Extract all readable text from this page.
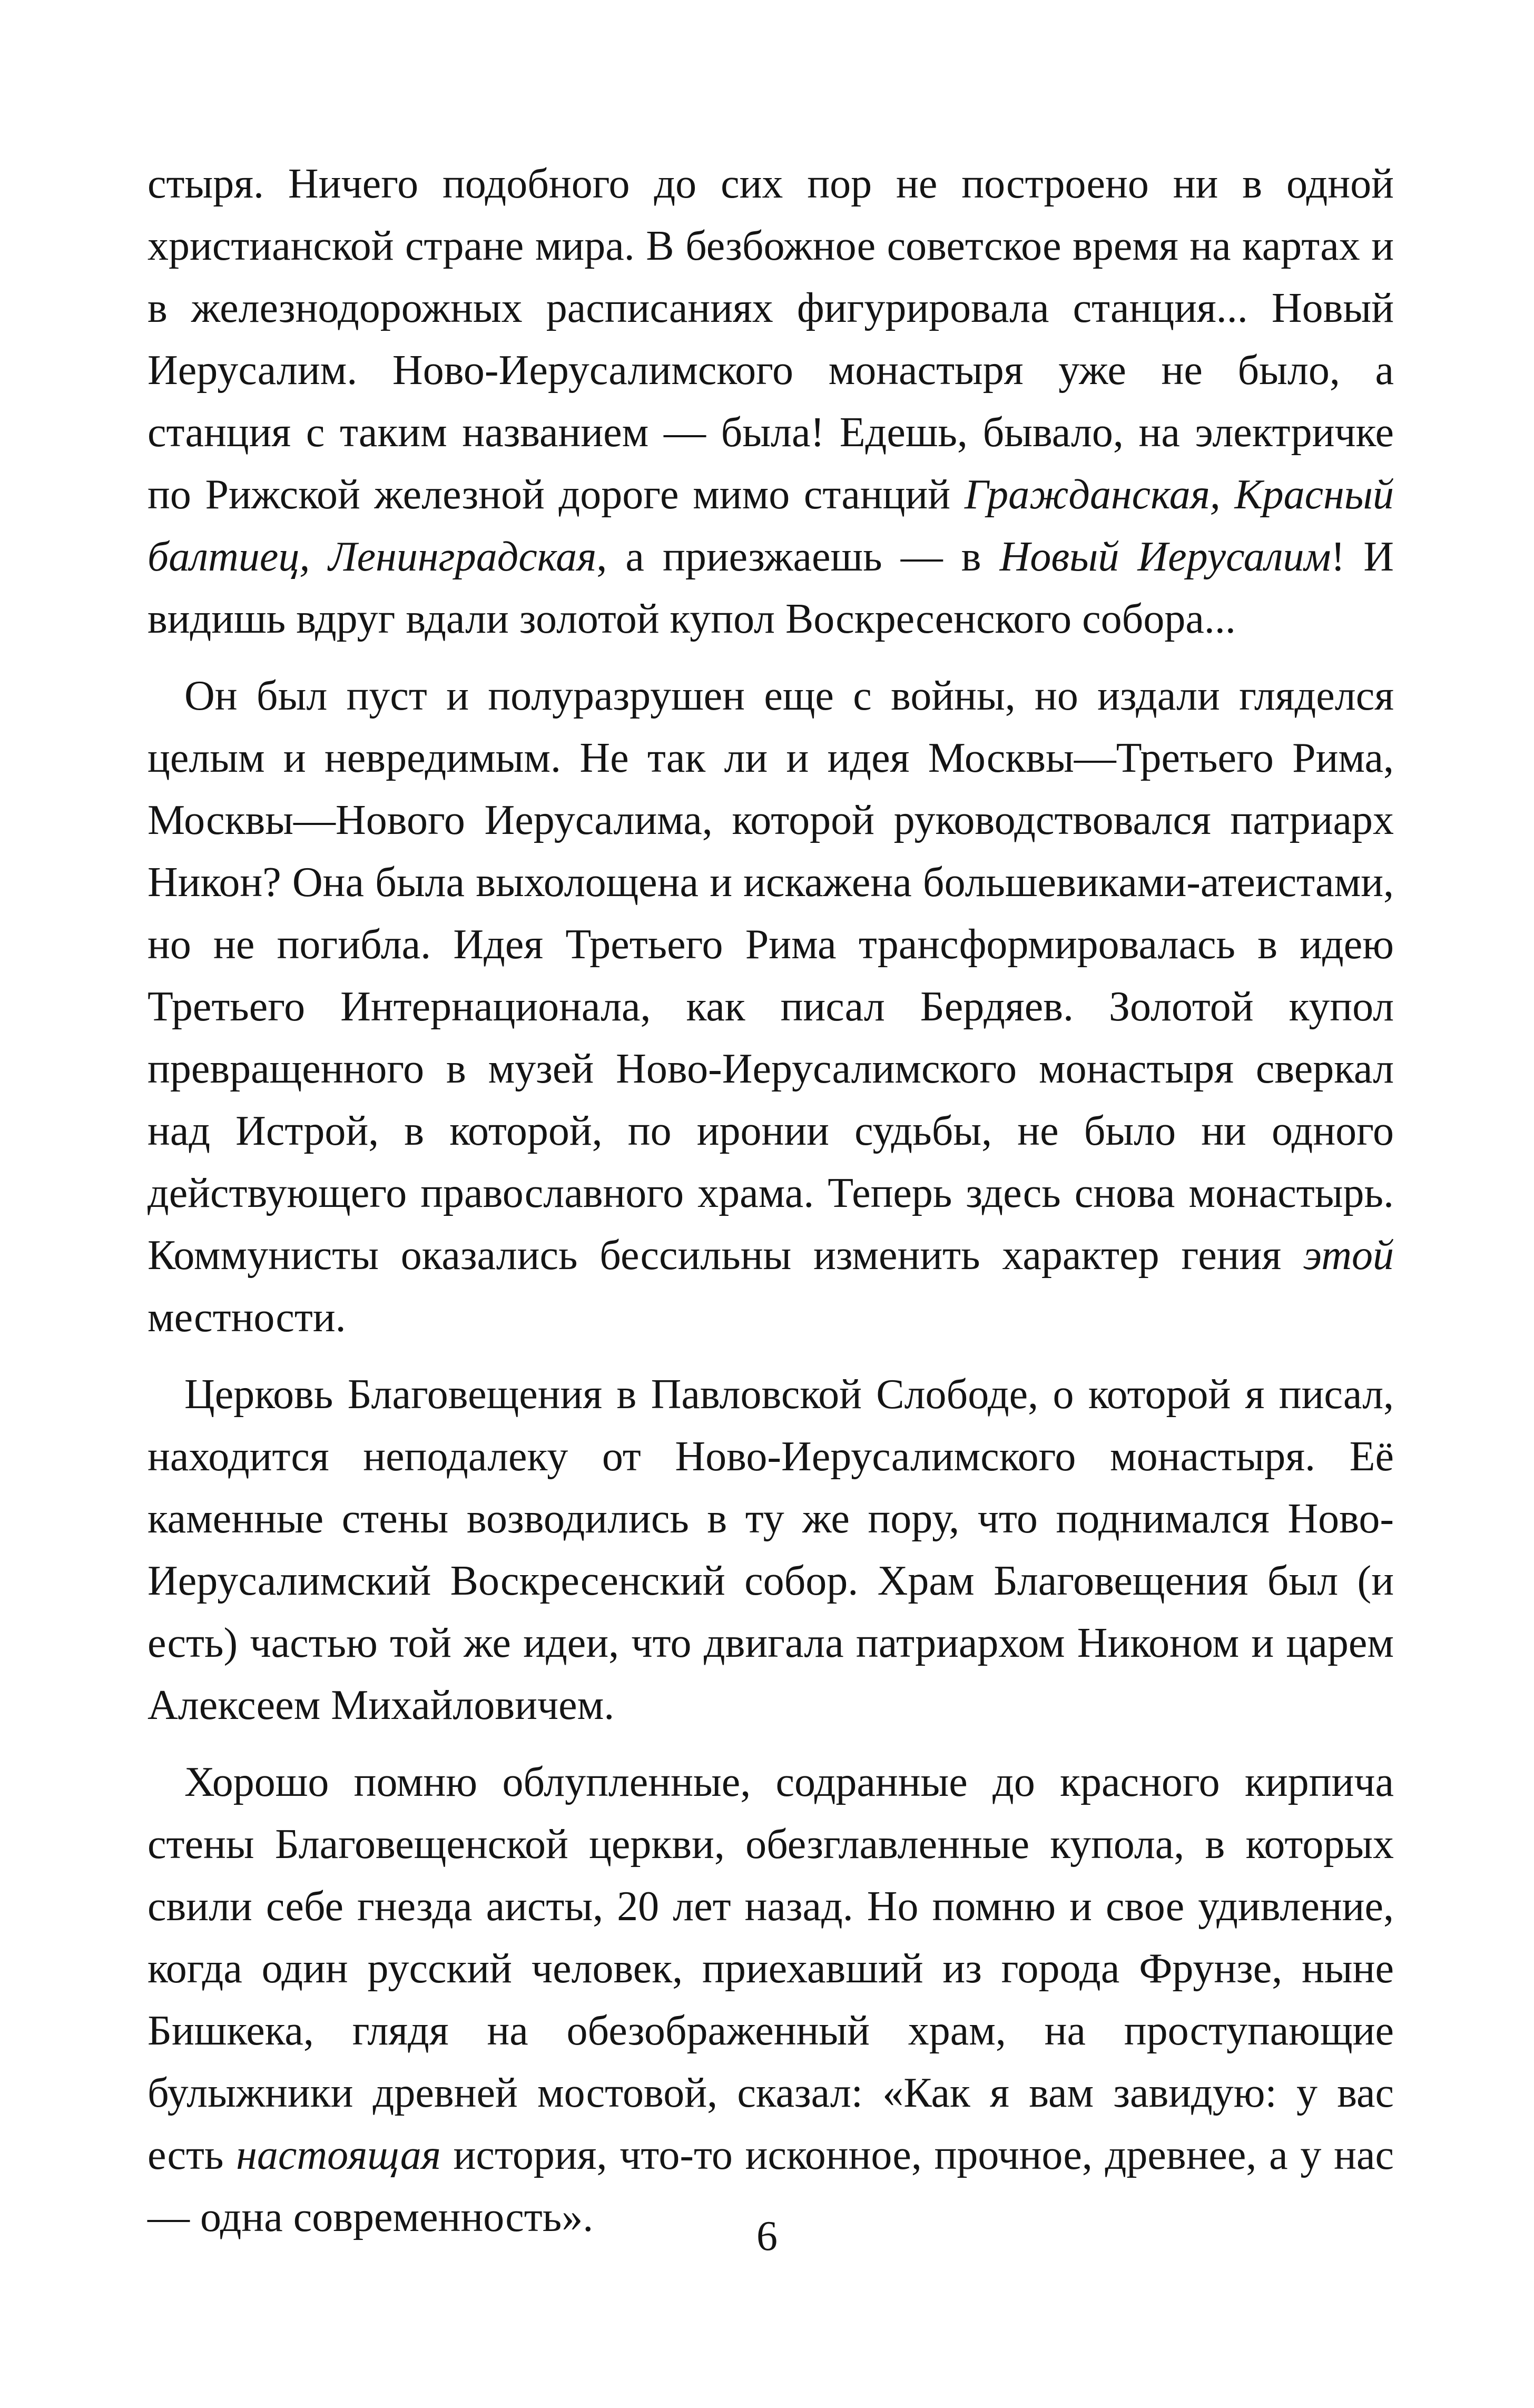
стыря. Ничего подобного до сих пор не построено ни в одной христианской стране мира. В безбожное советское время на картах и в железнодорожных расписаниях фигурировала станция... Новый Иерусалим. Ново-Иерусалимского монастыря уже не было, а станция с таким названием — была! Едешь, бывало, на электричке по Рижской железной дороге мимо станций Гражданская, Красный балтиец, Ленинградская, а приезжаешь — в Новый Иерусалим! И видишь вдруг вдали золотой купол Воскресенского собора...

Он был пуст и полуразрушен еще с войны, но издали гляделся целым и невредимым. Не так ли и идея Москвы—Третьего Рима, Москвы—Нового Иерусалима, которой руководствовался патриарх Никон? Она была выхолощена и искажена большевиками-атеистами, но не погибла. Идея Третьего Рима трансформировалась в идею Третьего Интернационала, как писал Бердяев. Золотой купол превращенного в музей Ново-Иерусалимского монастыря сверкал над Истрой, в которой, по иронии судьбы, не было ни одного действующего православного храма. Теперь здесь снова монастырь. Коммунисты оказались бессильны изменить характер гения этой местности.

Церковь Благовещения в Павловской Слободе, о которой я писал, находится неподалеку от Ново-Иерусалимского монастыря. Её каменные стены возводились в ту же пору, что поднимался Ново-Иерусалимский Воскресенский собор. Храм Благовещения был (и есть) частью той же идеи, что двигала патриархом Никоном и царем Алексеем Михайловичем.

Хорошо помню облупленные, содранные до красного кирпича стены Благовещенской церкви, обезглавленные купола, в которых свили себе гнезда аисты, 20 лет назад. Но помню и свое удивление, когда один русский человек, приехавший из города Фрунзе, ныне Бишкека, глядя на обезображенный храм, на проступающие булыжники древней мостовой, сказал: «Как я вам завидую: у вас есть настоящая история, что-то исконное, прочное, древнее, а у нас — одна современность».	6
